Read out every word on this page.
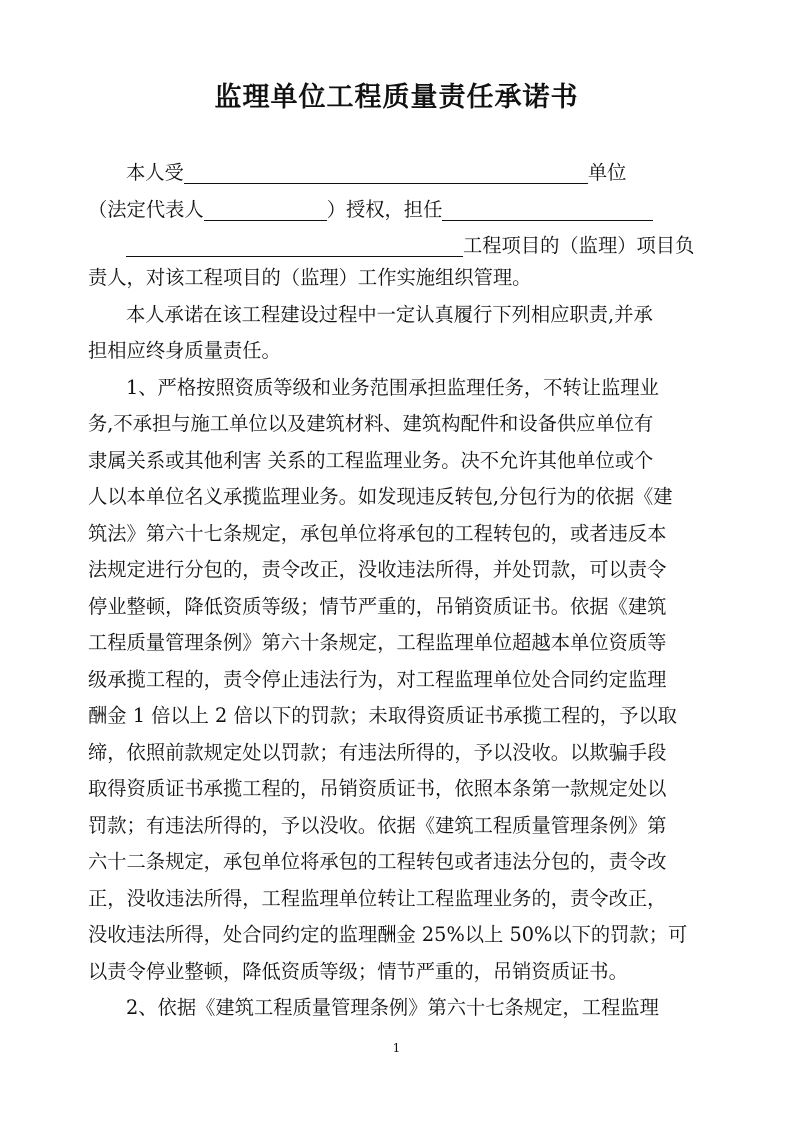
监理单位工程质量责任承诺书
本人受	单位
（法定代表人	）授权，担任
工程项目的（监理）项目负
责人，对该工程项目的（监理）工作实施组织管理。
本人承诺在该工程建设过程中一定认真履行下列相应职责,并承
担相应终身质量责任。
1、严格按照资质等级和业务范围承担监理任务，不转让监理业
务,不承担与施工单位以及建筑材料、建筑构配件和设备供应单位有
隶属关系或其他利害 关系的工程监理业务。决不允许其他单位或个
人以本单位名义承揽监理业务。如发现违反转包,分包行为的依据《建
筑法》第六十七条规定，承包单位将承包的工程转包的，或者违反本
法规定进行分包的，责令改正，没收违法所得，并处罚款，可以责令
停业整顿，降低资质等级；情节严重的，吊销资质证书。依据《建筑
工程质量管理条例》第六十条规定，工程监理单位超越本单位资质等
级承揽工程的，责令停止违法行为，对工程监理单位处合同约定监理
酬金 1 倍以上 2 倍以下的罚款；未取得资质证书承揽工程的，予以取
缔，依照前款规定处以罚款；有违法所得的，予以没收。以欺骗手段
取得资质证书承揽工程的，吊销资质证书，依照本条第一款规定处以
罚款；有违法所得的，予以没收。依据《建筑工程质量管理条例》第
六十二条规定，承包单位将承包的工程转包或者违法分包的，责令改
正，没收违法所得，工程监理单位转让工程监理业务的，责令改正，
没收违法所得，处合同约定的监理酬金 25%以上 50%以下的罚款；可
以责令停业整顿，降低资质等级；情节严重的，吊销资质证书。
2、依据《建筑工程质量管理条例》第六十七条规定，工程监理
1
